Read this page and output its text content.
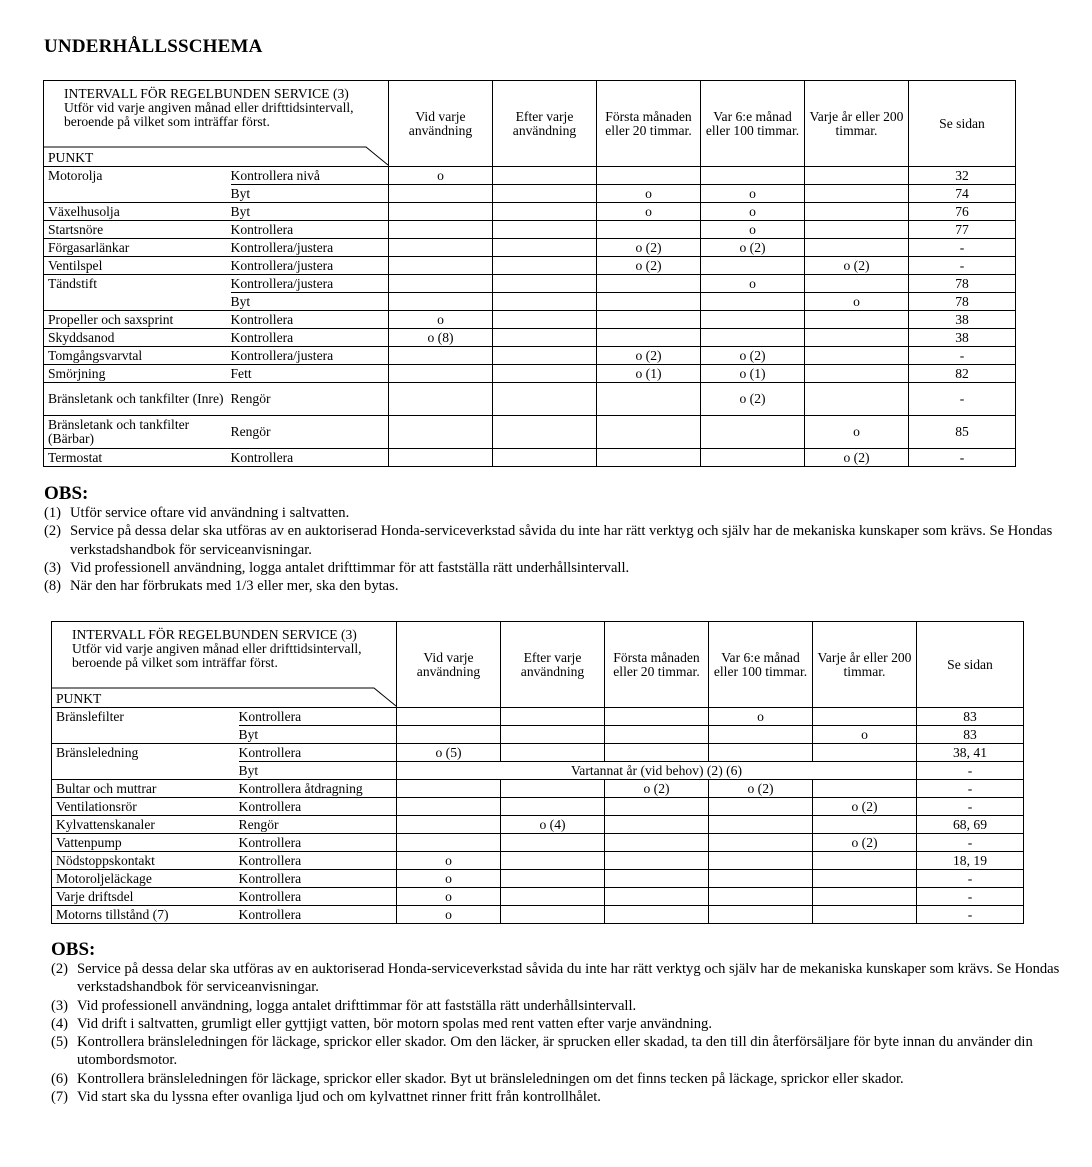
UNDERHÅLLSSCHEMA
INTERVALL FÖR REGELBUNDEN SERVICE (3) Utför vid varje angiven månad eller drifttidsintervall, beroende på vilket som inträffar först.
PUNKT		Vid varje användning	Efter varje användning	Första månaden eller 20 timmar.	Var 6:e månad eller 100 timmar.	Varje år eller 200 timmar.	Se sidan
Motorolja	Kontrollera nivå	o					32
	Byt			o	o		74
Växelhusolja	Byt			o	o		76
Startsnöre	Kontrollera				o		77
Förgasarlänkar	Kontrollera/justera			o (2)	o (2)		-
Ventilspel	Kontrollera/justera			o (2)		o (2)	-
Tändstift	Kontrollera/justera				o		78
	Byt					o	78
Propeller och saxsprint	Kontrollera	o					38
Skyddsanod	Kontrollera	o (8)					38
Tomgångsvarvtal	Kontrollera/justera			o (2)	o (2)		-
Smörjning	Fett			o (1)	o (1)		82
Bränsletank och tankfilter (Inre)	Rengör				o (2)		-
Bränsletank och tankfilter (Bärbar)	Rengör					o	85
Termostat	Kontrollera					o (2)	-
OBS:
(1) Utför service oftare vid användning i saltvatten.
(2) Service på dessa delar ska utföras av en auktoriserad Honda-serviceverkstad såvida du inte har rätt verktyg och själv har de mekaniska kunskaper som krävs. Se Hondas verkstadshandbok för serviceanvisningar.
(3) Vid professionell användning, logga antalet drifttimmar för att fastställa rätt underhållsintervall.
(8) När den har förbrukats med 1/3 eller mer, ska den bytas.
INTERVALL FÖR REGELBUNDEN SERVICE (3) Utför vid varje angiven månad eller drifttidsintervall, beroende på vilket som inträffar först.
PUNKT		Vid varje användning	Efter varje användning	Första månaden eller 20 timmar.	Var 6:e månad eller 100 timmar.	Varje år eller 200 timmar.	Se sidan
Bränslefilter	Kontrollera				o		83
	Byt					o	83
Bränsleledning	Kontrollera	o (5)					38, 41
	Byt	Vartannat år (vid behov) (2) (6)					-
Bultar och muttrar	Kontrollera åtdragning			o (2)	o (2)		-
Ventilationsrör	Kontrollera					o (2)	-
Kylvattenskanaler	Rengör		o (4)				68, 69
Vattenpump	Kontrollera					o (2)	-
Nödstoppskontakt	Kontrollera	o					18, 19
Motoroljeläckage	Kontrollera	o					-
Varje driftsdel	Kontrollera	o					-
Motorns tillstånd (7)	Kontrollera	o					-
OBS:
(2) Service på dessa delar ska utföras av en auktoriserad Honda-serviceverkstad såvida du inte har rätt verktyg och själv har de mekaniska kunskaper som krävs. Se Hondas verkstadshandbok för serviceanvisningar.
(3) Vid professionell användning, logga antalet drifttimmar för att fastställa rätt underhållsintervall.
(4) Vid drift i saltvatten, grumligt eller gyttjigt vatten, bör motorn spolas med rent vatten efter varje användning.
(5) Kontrollera bränsleledningen för läckage, sprickor eller skador. Om den läcker, är sprucken eller skadad, ta den till din återförsäljare för byte innan du använder din utombordsmotor.
(6) Kontrollera bränsleledningen för läckage, sprickor eller skador. Byt ut bränsleledningen om det finns tecken på läckage, sprickor eller skador.
(7) Vid start ska du lyssna efter ovanliga ljud och om kylvattnet rinner fritt från kontrollhålet.
